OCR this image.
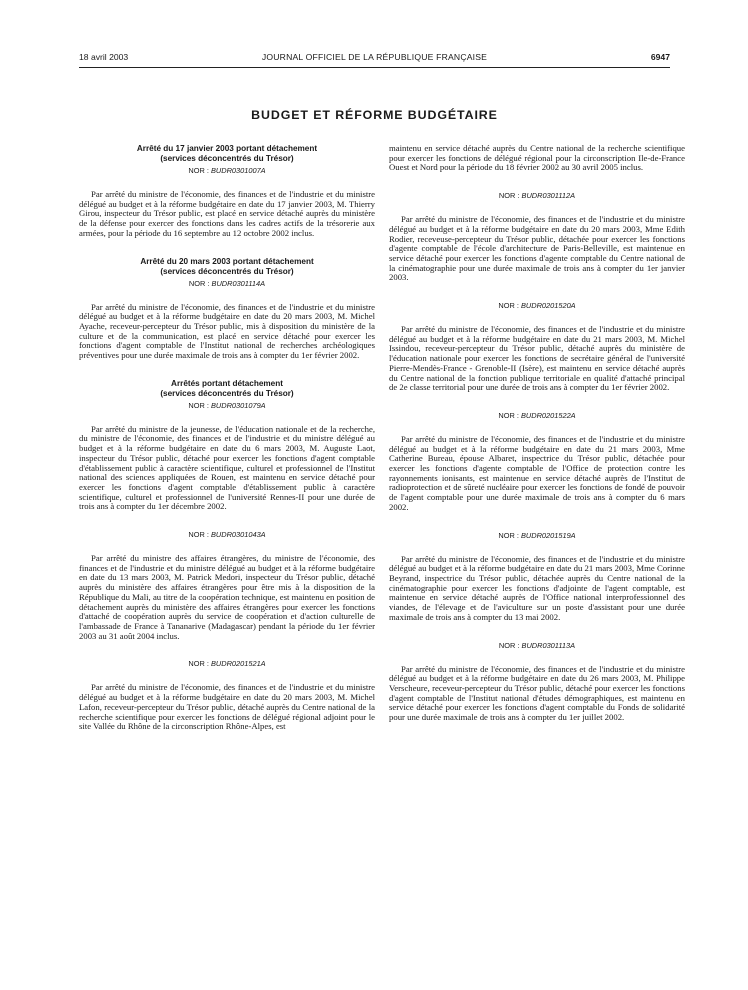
18 avril 2003	JOURNAL OFFICIEL DE LA RÉPUBLIQUE FRANÇAISE	6947
BUDGET ET RÉFORME BUDGÉTAIRE
Arrêté du 17 janvier 2003 portant détachement
(services déconcentrés du Trésor)
NOR : BUDR0301007A

Par arrêté du ministre de l'économie, des finances et de l'industrie et du ministre délégué au budget et à la réforme budgétaire en date du 17 janvier 2003, M. Thierry Girou, inspecteur du Trésor public, est placé en service détaché auprès du ministère de la défense pour exercer des fonctions dans les cadres actifs de la trésorerie aux armées, pour la période du 16 septembre au 12 octobre 2002 inclus.

Arrêté du 20 mars 2003 portant détachement
(services déconcentrés du Trésor)
NOR : BUDR0301114A

Par arrêté du ministre de l'économie, des finances et de l'industrie et du ministre délégué au budget et à la réforme budgétaire en date du 20 mars 2003, M. Michel Ayache, receveur-percepteur du Trésor public, mis à disposition du ministère de la culture et de la communication, est placé en service détaché pour exercer les fonctions d'agent comptable de l'Institut national de recherches archéologiques préventives pour une durée maximale de trois ans à compter du 1er février 2002.

Arrêtés portant détachement
(services déconcentrés du Trésor)
NOR : BUDR0301079A

Par arrêté du ministre de la jeunesse, de l'éducation nationale et de la recherche, du ministre de l'économie, des finances et de l'industrie et du ministre délégué au budget et à la réforme budgétaire en date du 6 mars 2003, M. Auguste Laot, inspecteur du Trésor public, détaché pour exercer les fonctions d'agent comptable d'établissement public à caractère scientifique, culturel et professionnel de l'Institut national des sciences appliquées de Rouen, est maintenu en service détaché pour exercer les fonctions d'agent comptable d'établissement public à caractère scientifique, culturel et professionnel de l'université Rennes-II pour une durée de trois ans à compter du 1er décembre 2002.

NOR : BUDR0301043A

Par arrêté du ministre des affaires étrangères, du ministre de l'économie, des finances et de l'industrie et du ministre délégué au budget et à la réforme budgétaire en date du 13 mars 2003, M. Patrick Medori, inspecteur du Trésor public, détaché auprès du ministère des affaires étrangères pour être mis à la disposition de la République du Mali, au titre de la coopération technique, est maintenu en position de détachement auprès du ministère des affaires étrangères pour exercer les fonctions d'attaché de coopération auprès du service de coopération et d'action culturelle de l'ambassade de France à Tananarive (Madagascar) pendant la période du 1er février 2003 au 31 août 2004 inclus.

NOR : BUDR0201521A

Par arrêté du ministre de l'économie, des finances et de l'industrie et du ministre délégué au budget et à la réforme budgétaire en date du 20 mars 2003, M. Michel Lafon, receveur-percepteur du Trésor public, détaché auprès du Centre national de la recherche scientifique pour exercer les fonctions de délégué régional adjoint pour le site Vallée du Rhône de la circonscription Rhône-Alpes, est

maintenu en service détaché auprès du Centre national de la recherche scientifique pour exercer les fonctions de délégué régional pour la circonscription Ile-de-France Ouest et Nord pour la période du 18 février 2002 au 30 avril 2005 inclus.

NOR : BUDR0301112A

Par arrêté du ministre de l'économie, des finances et de l'industrie et du ministre délégué au budget et à la réforme budgétaire en date du 20 mars 2003, Mme Edith Rodier, receveuse-percepteur du Trésor public, détachée pour exercer les fonctions d'agente comptable de l'école d'architecture de Paris-Belleville, est maintenue en service détaché pour exercer les fonctions d'agente comptable du Centre national de la cinématographie pour une durée maximale de trois ans à compter du 1er janvier 2003.

NOR : BUDR0201520A

Par arrêté du ministre de l'économie, des finances et de l'industrie et du ministre délégué au budget et à la réforme budgétaire en date du 21 mars 2003, M. Michel Issindou, receveur-percepteur du Trésor public, détaché auprès du ministère de l'éducation nationale pour exercer les fonctions de secrétaire général de l'université Pierre-Mendès-France - Grenoble-II (Isère), est maintenu en service détaché auprès du Centre national de la fonction publique territoriale en qualité d'attaché principal de 2e classe territorial pour une durée de trois ans à compter du 1er février 2002.

NOR : BUDR0201522A

Par arrêté du ministre de l'économie, des finances et de l'industrie et du ministre délégué au budget et à la réforme budgétaire en date du 21 mars 2003, Mme Catherine Bureau, épouse Albaret, inspectrice du Trésor public, détachée pour exercer les fonctions d'agente comptable de l'Office de protection contre les rayonnements ionisants, est maintenue en service détaché auprès de l'Institut de radioprotection et de sûreté nucléaire pour exercer les fonctions de fondé de pouvoir de l'agent comptable pour une durée maximale de trois ans à compter du 6 mars 2002.

NOR : BUDR0201519A

Par arrêté du ministre de l'économie, des finances et de l'industrie et du ministre délégué au budget et à la réforme budgétaire en date du 21 mars 2003, Mme Corinne Beyrand, inspectrice du Trésor public, détachée auprès du Centre national de la cinématographie pour exercer les fonctions d'adjointe de l'agent comptable, est maintenue en service détaché auprès de l'Office national interprofessionnel des viandes, de l'élevage et de l'aviculture sur un poste d'assistant pour une durée maximale de trois ans à compter du 13 mai 2002.

NOR : BUDR0301113A

Par arrêté du ministre de l'économie, des finances et de l'industrie et du ministre délégué au budget et à la réforme budgétaire en date du 26 mars 2003, M. Philippe Verscheure, receveur-percepteur du Trésor public, détaché pour exercer les fonctions d'agent comptable de l'Institut national d'études démographiques, est maintenu en service détaché pour exercer les fonctions d'agent comptable du Fonds de solidarité pour une durée maximale de trois ans à compter du 1er juillet 2002.
